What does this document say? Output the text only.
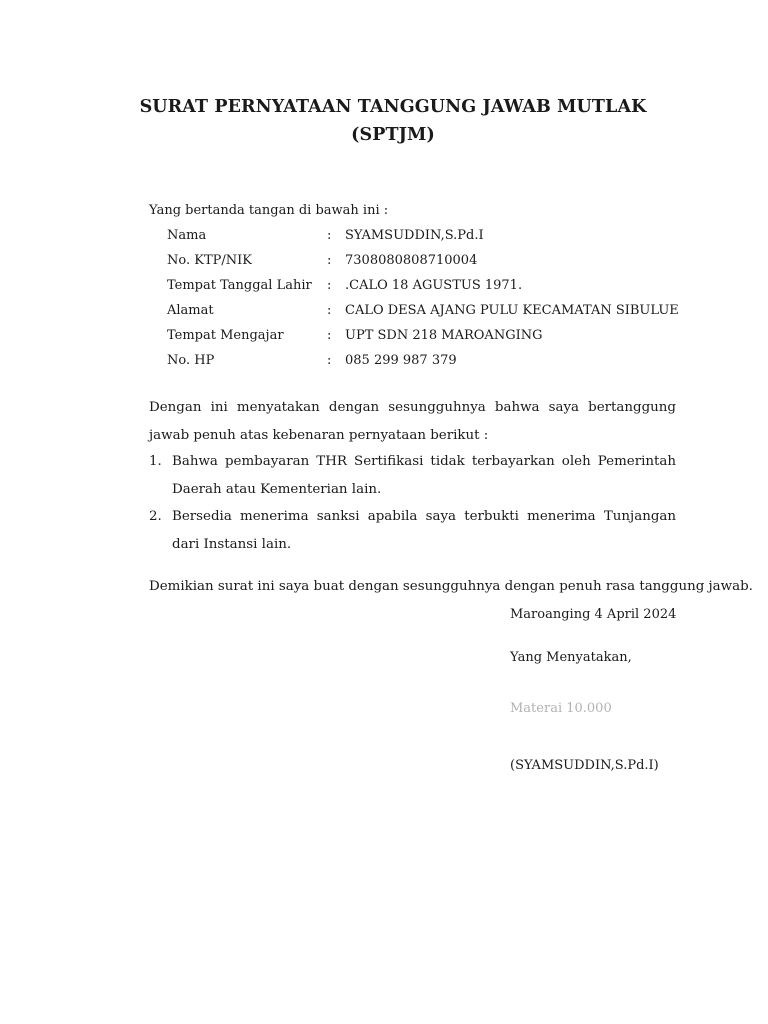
SURAT PERNYATAAN TANGGUNG JAWAB MUTLAK
(SPTJM)
Yang bertanda tangan di bawah ini :
Nama	: SYAMSUDDIN,S.Pd.I
No. KTP/NIK	: 7308080808710004
Tempat Tanggal Lahir : .CALO 18 AGUSTUS 1971.
Alamat	: CALO DESA AJANG PULU KECAMATAN SIBULUE
Tempat Mengajar	: UPT SDN 218 MAROANGING
No. HP	: 085 299 987 379
Dengan ini menyatakan dengan sesungguhnya bahwa saya bertanggung jawab penuh atas kebenaran pernyataan berikut :
1. Bahwa pembayaran THR Sertifikasi tidak terbayarkan oleh Pemerintah Daerah atau Kementerian lain.
2. Bersedia menerima sanksi apabila saya terbukti menerima Tunjangan dari Instansi lain.
Demikian surat ini saya buat dengan sesungguhnya dengan penuh rasa tanggung jawab.
Maroanging 4 April 2024
Yang Menyatakan,
Materai 10.000
(SYAMSUDDIN,S.Pd.I)
